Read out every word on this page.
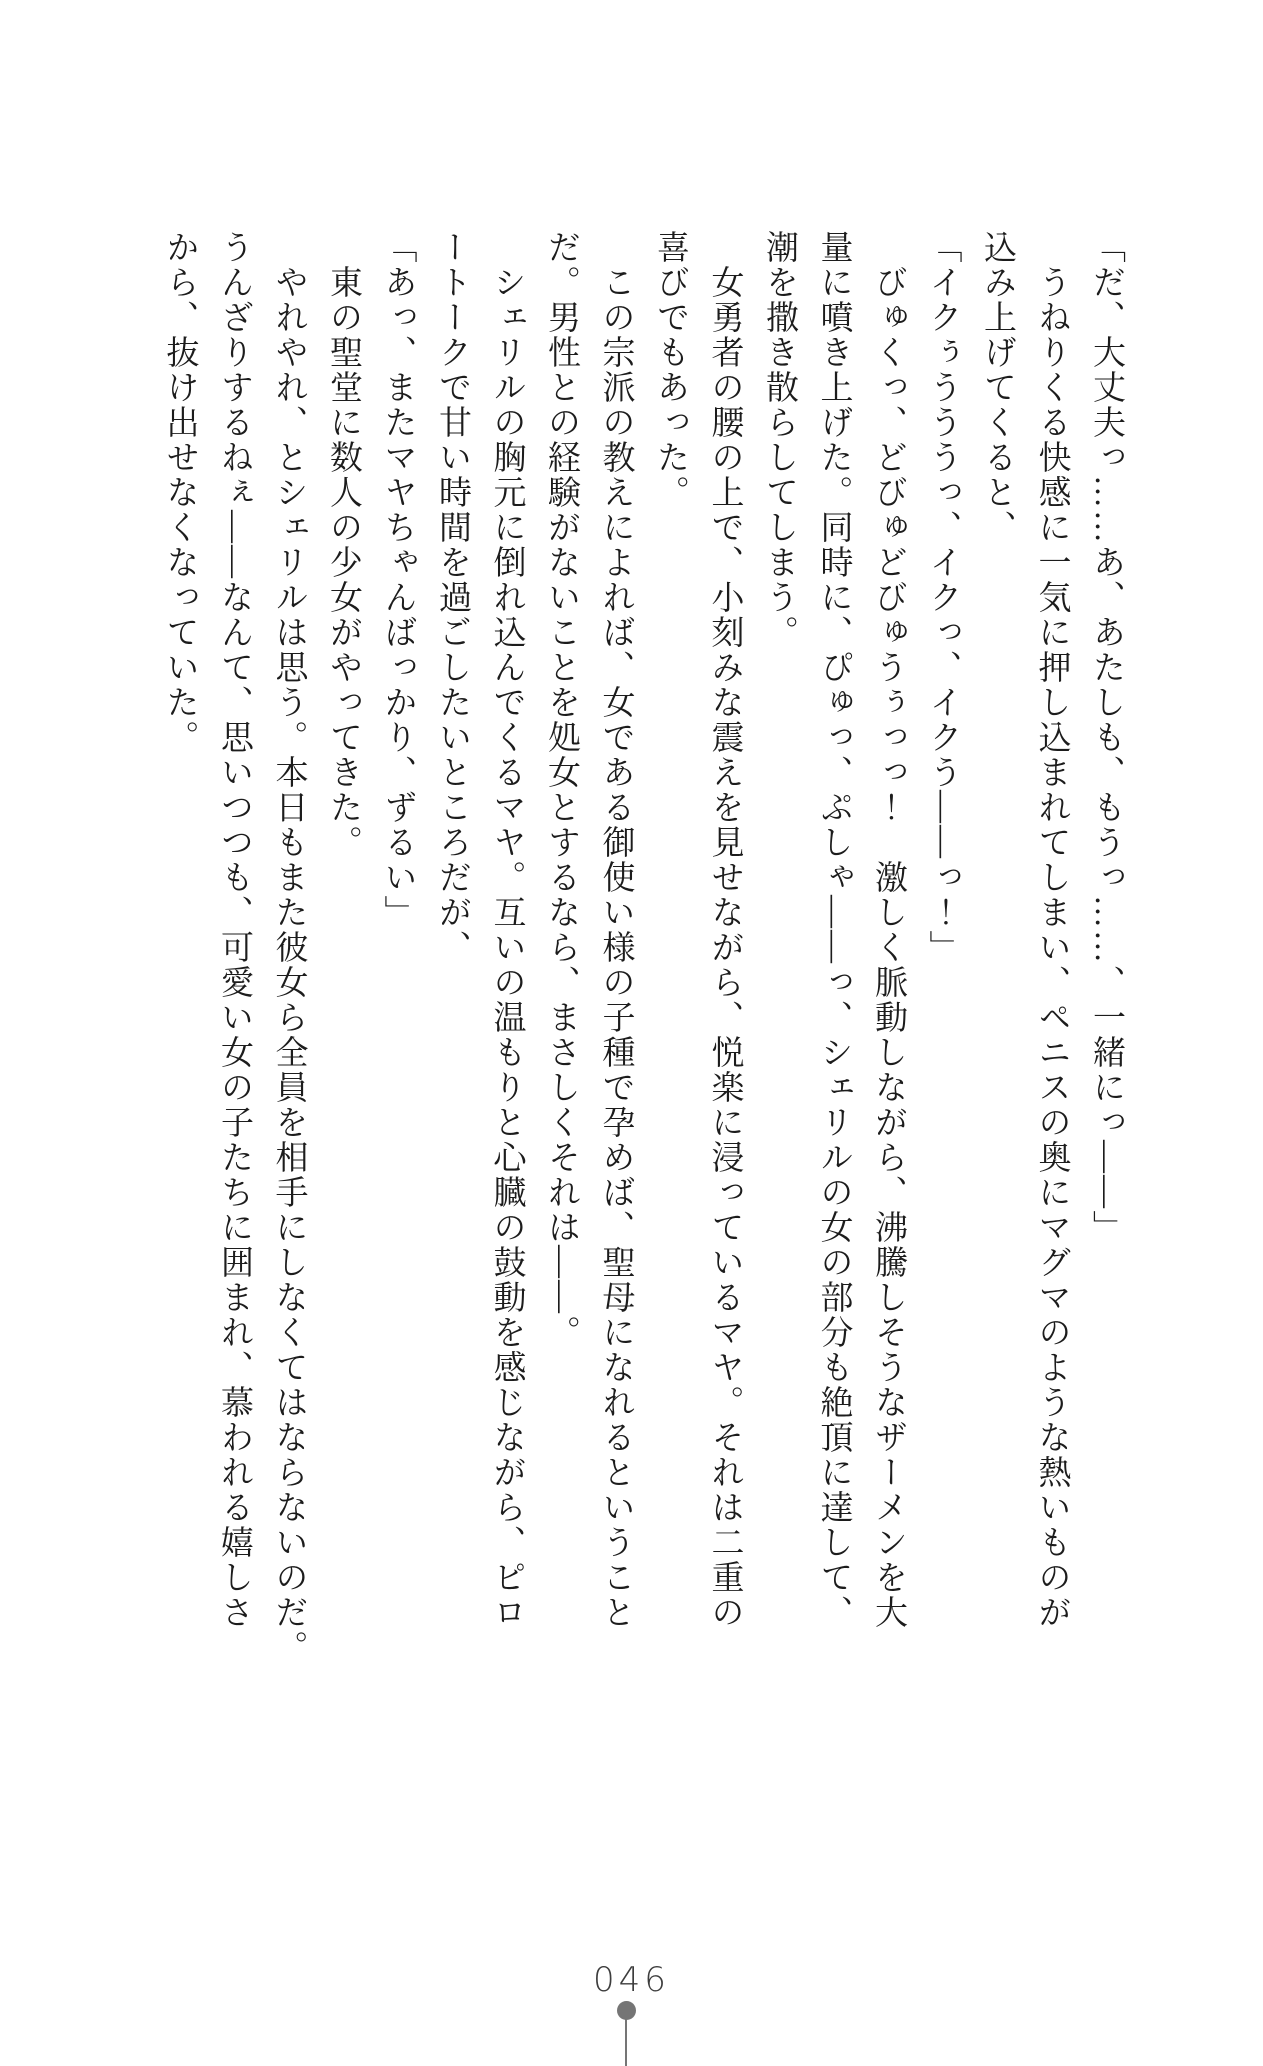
「だ、大丈夫っ……あ、あたしも、もうっ……、一緒にっ――」

うねりくる快感に一気に押し込まれてしまい、ペニスの奥にマグマのような熱いものが

込み上げてくると、

「イクぅうううっ、イクっ、イクう――っ！」

びゅくっ、どびゅどびゅうぅっっ！　激しく脈動しながら、沸騰しそうなザーメンを大

量に噴き上げた。同時に、ぴゅっ、ぷしゃ――っ、シェリルの女の部分も絶頂に達して、

潮を撒き散らしてしまう。

女勇者の腰の上で、小刻みな震えを見せながら、悦楽に浸っているマヤ。それは二重の

喜びでもあった。

この宗派の教えによれば、女である御使い様の子種で孕めば、聖母になれるということ

だ。男性との経験がないことを処女とするなら、まさしくそれは――。

シェリルの胸元に倒れ込んでくるマヤ。互いの温もりと心臓の鼓動を感じながら、ピロ

ートークで甘い時間を過ごしたいところだが、

「あっ、またマヤちゃんばっかり、ずるい」

東の聖堂に数人の少女がやってきた。

やれやれ、とシェリルは思う。本日もまた彼女ら全員を相手にしなくてはならないのだ。

うんざりするねぇ――なんて、思いつつも、可愛い女の子たちに囲まれ、慕われる嬉しさ

から、抜け出せなくなっていた。

046
